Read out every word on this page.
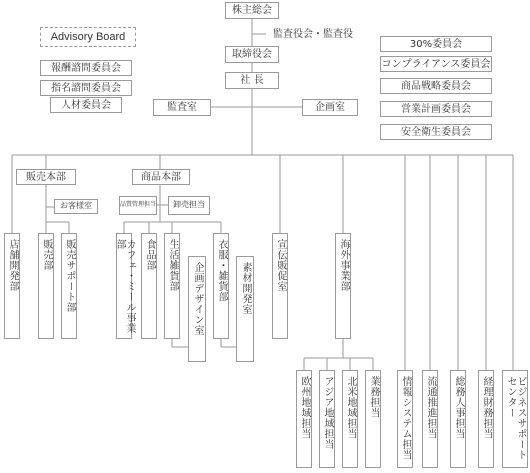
株主総会
監査役会・監査役
取締役会
社 長
監査室	企画室
Advisory Board
報酬諮問委員会
指名諮問委員会
人材委員会
30%委員会
コンプライアンス委員会
商品戦略委員会
営業計画委員会
安全衛生委員会
販売本部
お客様室
店舗開発部 販売部 販売サポート部
商品本部
品質管理担当	卸売担当
カフェ・ミール事業部	食品部 生活雑貨部 企画デザイン室 衣服・雑貨部 素材開発室 宣伝販促室	海外事業部
欧州地域担当 アジア地域担当 北米地域担当 業務担当 情報システム担当 流通推進担当 総務人事担当 経理財務担当	ビジネスサポートセンター
